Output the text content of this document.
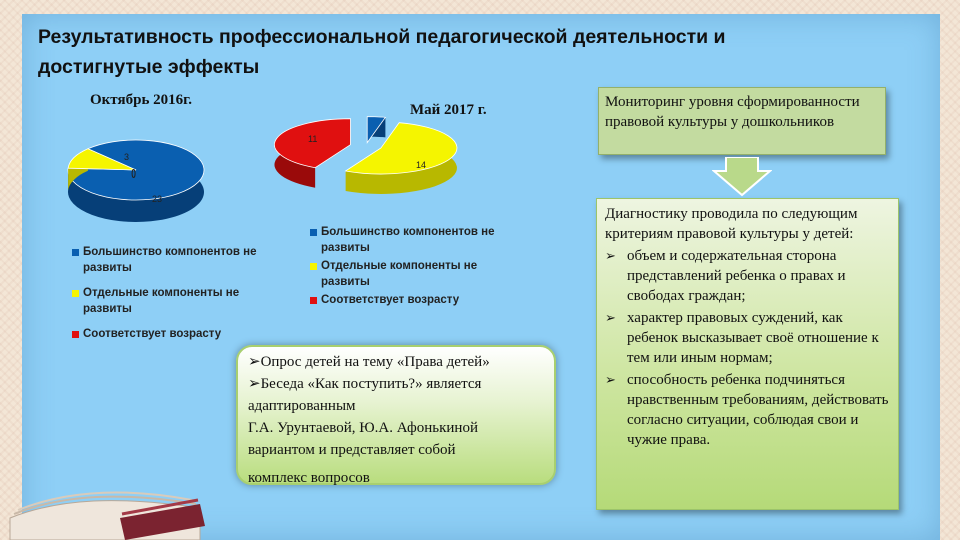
Результативность профессиональной педагогической деятельности и достигнутые эффекты
Октябрь 2016г.
23
3
Большинство компонентов не развиты
Отдельные компоненты не развиты
Соответствует возрасту
Май 2017 г.
14
11
Большинство компонентов не развиты
Отдельные компоненты не развиты
Соответствует возрасту
Мониторинг уровня сформированности правовой культуры у дошкольников
Диагностику проводила по следующим критериям правовой культуры у детей:
➢ объем и содержательная сторона представлений ребенка о правах и свободах граждан;
➢ характер правовых суждений, как ребенок высказывает своё отношение к тем или иным нормам;
➢ способность ребенка подчиняться нравственным требованиям, действовать согласно ситуации, соблюдая свои и чужие права.
➢Опрос детей на тему «Права детей»
➢Беседа «Как поступить?» является
адаптированным
Г.А. Урунтаевой, Ю.А. Афонькиной
вариантом и представляет собой
комплекс вопросов
